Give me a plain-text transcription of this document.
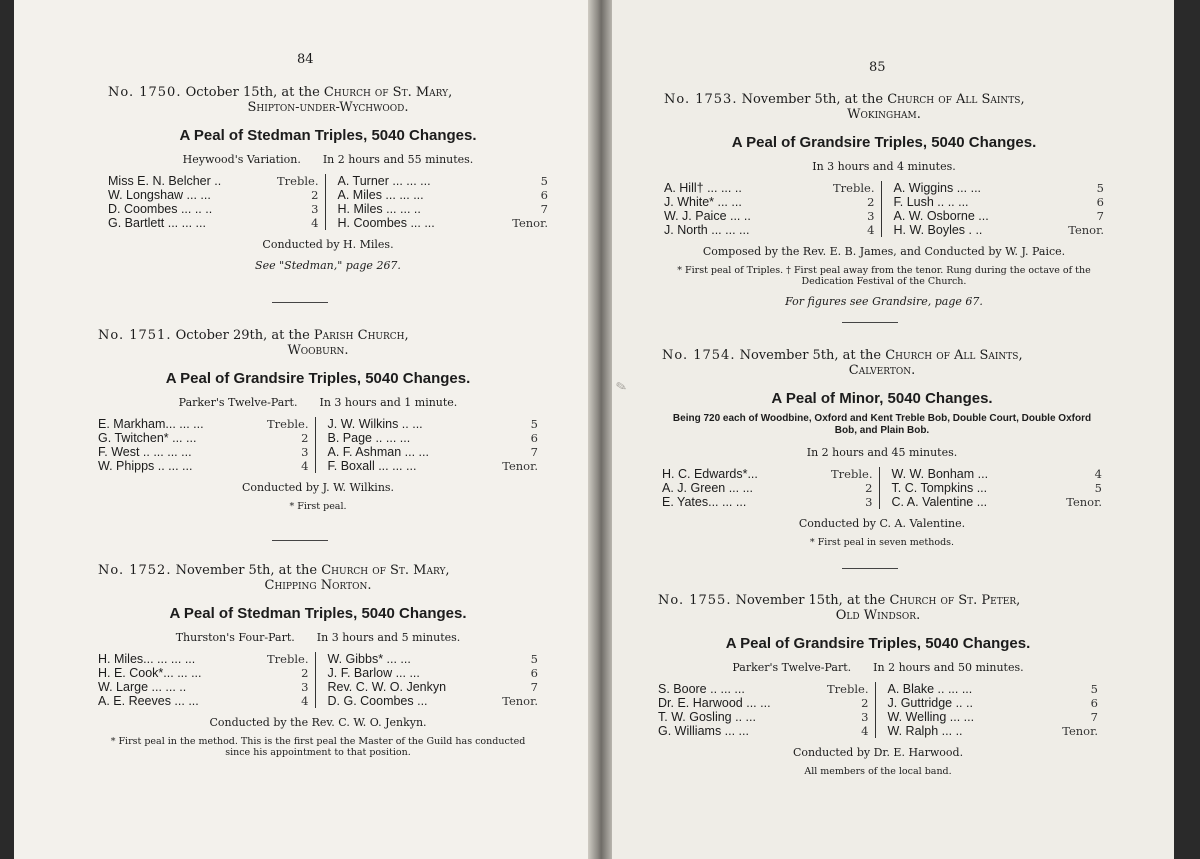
✎
84
No. 1750. October 15th, at the Church of St. Mary,
Shipton-under-Wychwood.
A Peal of Stedman Triples, 5040 Changes.
Heywood's Variation. In 2 hours and 55 minutes.
Miss E. N. Belcher ..	Treble.
W. Longshaw ... ...	2
D. Coombes ... .. ..	3
G. Bartlett ... ... ...	4
A. Turner ... ... ...	5
A. Miles ... ... ...	6
H. Miles ... ... ..	7
H. Coombes ... ...	Tenor.
Conducted by H. Miles.
See "Stedman," page 267.
No. 1751. October 29th, at the Parish Church,
Wooburn.
A Peal of Grandsire Triples, 5040 Changes.
Parker's Twelve-Part. In 3 hours and 1 minute.
E. Markham... ... ...	Treble.
G. Twitchen* ... ...	2
F. West .. ... ... ...	3
W. Phipps .. ... ...	4
J. W. Wilkins .. ...	5
B. Page .. ... ...	6
A. F. Ashman ... ...	7
F. Boxall ... ... ...	Tenor.
Conducted by J. W. Wilkins.
* First peal.
No. 1752. November 5th, at the Church of St. Mary,
Chipping Norton.
A Peal of Stedman Triples, 5040 Changes.
Thurston's Four-Part. In 3 hours and 5 minutes.
H. Miles... ... ... ...	Treble.
H. E. Cook*... ... ...	2
W. Large ... ... ..	3
A. E. Reeves ... ...	4
W. Gibbs* ... ...	5
J. F. Barlow ... ...	6
Rev. C. W. O. Jenkyn	7
D. G. Coombes ...	Tenor.
Conducted by the Rev. C. W. O. Jenkyn.
* First peal in the method. This is the first peal the Master of the Guild has conducted since his appointment to that position.
85
No. 1753. November 5th, at the Church of All Saints,
Wokingham.
A Peal of Grandsire Triples, 5040 Changes.
In 3 hours and 4 minutes.
A. Hill† ... ... ..	Treble.
J. White* ... ...	2
W. J. Paice ... ..	3
J. North ... ... ...	4
A. Wiggins ... ...	5
F. Lush .. .. ...	6
A. W. Osborne ...	7
H. W. Boyles . ..	Tenor.
Composed by the Rev. E. B. James, and Conducted by W. J. Paice.
* First peal of Triples. † First peal away from the tenor. Rung during the octave of the Dedication Festival of the Church.
For figures see Grandsire, page 67.
No. 1754. November 5th, at the Church of All Saints,
Calverton.
A Peal of Minor, 5040 Changes.
Being 720 each of Woodbine, Oxford and Kent Treble Bob, Double Court, Double Oxford Bob, and Plain Bob.
In 2 hours and 45 minutes.
H. C. Edwards*...	Treble.
A. J. Green ... ...	2
E. Yates... ... ...	3
W. W. Bonham ...	4
T. C. Tompkins ...	5
C. A. Valentine ...	Tenor.
Conducted by C. A. Valentine.
* First peal in seven methods.
No. 1755. November 15th, at the Church of St. Peter,
Old Windsor.
A Peal of Grandsire Triples, 5040 Changes.
Parker's Twelve-Part. In 2 hours and 50 minutes.
S. Boore .. ... ...	Treble.
Dr. E. Harwood ... ...	2
T. W. Gosling .. ...	3
G. Williams ... ...	4
A. Blake .. ... ...	5
J. Guttridge .. ..	6
W. Welling ... ...	7
W. Ralph ... ..	Tenor.
Conducted by Dr. E. Harwood.
All members of the local band.
